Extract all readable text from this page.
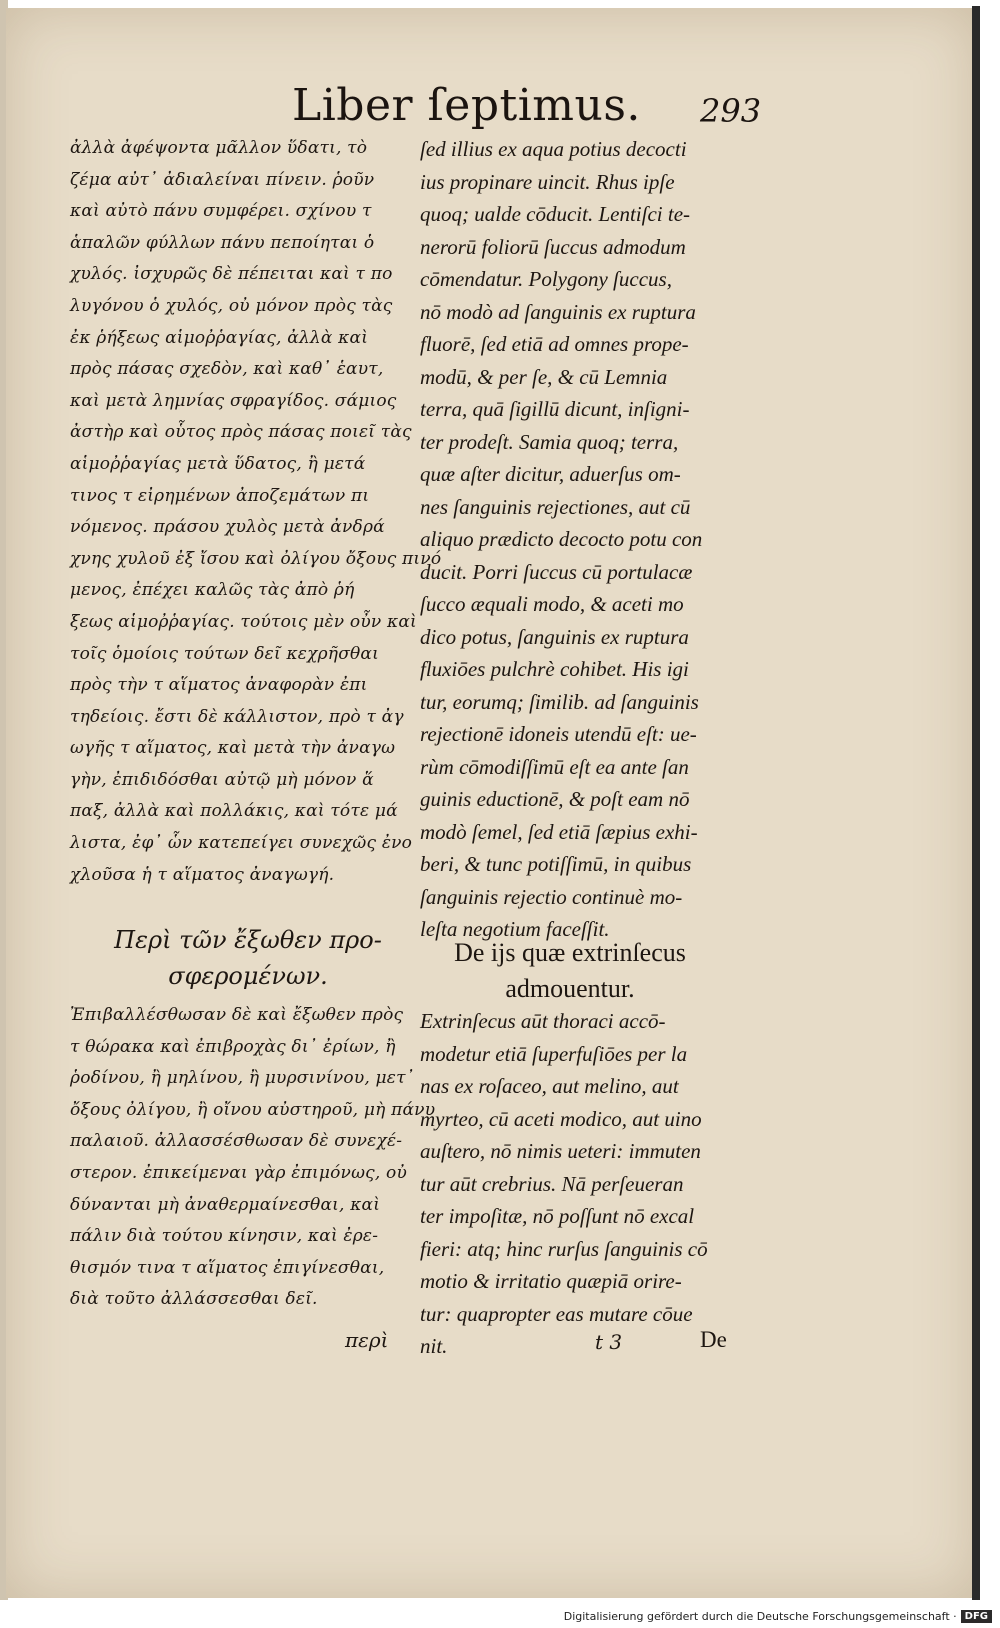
Liber ſeptimus. 293
ἀλλὰ ἀφέψοντα μᾶλλον ὕδατι, τὸ
ζέμα αὐτ᾽ ἀδιαλείναι πίνειν. ῥοῦν
καὶ αὐτὸ πάνυ συμφέρει. σχίνου τ
ἁπαλῶν φύλλων πάνυ πεποίηται ὁ
χυλός. ἰσχυρῶς δὲ πέπειται καὶ τ πο
λυγόνου ὁ χυλός, οὐ μόνον πρὸς τὰς
ἐκ ῥήξεως αἱμοῤῥαγίας, ἀλλὰ καὶ
πρὸς πάσας σχεδὸν, καὶ καθ᾽ ἑαυτ,
καὶ μετὰ λημνίας σφραγίδος. σάμιος
ἀστὴρ καὶ οὗτος πρὸς πάσας ποιεῖ τὰς
αἱμοῤῥαγίας μετὰ ὕδατος, ἢ μετά
τινος τ εἰρημένων ἀποζεμάτων πι
νόμενος. πράσου χυλὸς μετὰ ἀνδρά
χνης χυλοῦ ἐξ ἴσου καὶ ὀλίγου ὄξους πινό
μενος, ἐπέχει καλῶς τὰς ἀπὸ ῥή
ξεως αἱμοῤῥαγίας. τούτοις μὲν οὖν καὶ
τοῖς ὁμοίοις τούτων δεῖ κεχρῆσθαι
πρὸς τὴν τ αἵματος ἀναφορὰν ἐπι
τηδείοις. ἔστι δὲ κάλλιστον, πρὸ τ ἀγ
ωγῆς τ αἵματος, καὶ μετὰ τὴν ἀναγω
γὴν, ἐπιδιδόσθαι αὐτῷ μὴ μόνον ἅ
παξ, ἀλλὰ καὶ πολλάκις, καὶ τότε μά
λιστα, ἐφ᾽ ὧν κατεπείγει συνεχῶς ἐνο
χλοῦσα ἡ τ αἵματος ἀναγωγή.
ſed illius ex aqua potius decocti
ius propinare uincit. Rhus ipſe
quoq; ualde cōducit. Lentiſci te-
nerorū foliorū ſuccus admodum
cōmendatur. Polygony ſuccus,
nō modò ad ſanguinis ex ruptura
fluorē, ſed etiā ad omnes prope-
modū, & per ſe, & cū Lemnia
terra, quā ſigillū dicunt, inſigni-
ter prodeſt. Samia quoq; terra,
quæ aſter dicitur, aduerſus om-
nes ſanguinis rejectiones, aut cū
aliquo prædicto decocto potu con
ducit. Porri ſuccus cū portulacæ
ſucco æquali modo, & aceti mo
dico potus, ſanguinis ex ruptura
fluxiōes pulchrè cohibet. His igi
tur, eorumq; ſimilib. ad ſanguinis
rejectionē idoneis utendū eſt: ue-
rùm cōmodiſſimū eſt ea ante ſan
guinis eductionē, & poſt eam nō
modò ſemel, ſed etiā ſæpius exhi-
beri, & tunc potiſſimū, in quibus
ſanguinis rejectio continuè mo-
leſta negotium faceſſit.
Περὶ τῶν ἔξωθεν προ-
σφερομένων.
De ijs quæ extrinſecus
admouentur.
Ἐπιβαλλέσθωσαν δὲ καὶ ἔξωθεν πρὸς
τ θώρακα καὶ ἐπιβροχὰς δι᾽ ἐρίων, ἢ
ῥοδίνου, ἢ μηλίνου, ἢ μυρσινίνου, μετ᾽
ὄξους ὀλίγου, ἢ οἴνου αὐστηροῦ, μὴ πάνυ
παλαιοῦ. ἀλλασσέσθωσαν δὲ συνεχέ-
στερον. ἐπικείμεναι γὰρ ἐπιμόνως, οὐ
δύνανται μὴ ἀναθερμαίνεσθαι, καὶ
πάλιν διὰ τούτου κίνησιν, καὶ ἐρε-
θισμόν τινα τ αἵματος ἐπιγίνεσθαι,
διὰ τοῦτο ἀλλάσσεσθαι δεῖ.
Extrinſecus aūt thoraci accō-
modetur etiā ſuperfuſiōes per la
nas ex roſaceo, aut melino, aut
myrteo, cū aceti modico, aut uino
auſtero, nō nimis ueteri: immuten
tur aūt crebrius. Nā perſeueran
ter impoſitæ, nō poſſunt nō excal
fieri: atq; hinc rurſus ſanguinis cō
motio & irritatio quæpiā orire-
tur: quapropter eas mutare cōue
nit.
περὶ	t 3	De
Digitalisierung gefördert durch die Deutsche Forschungsgemeinschaft · DFG
